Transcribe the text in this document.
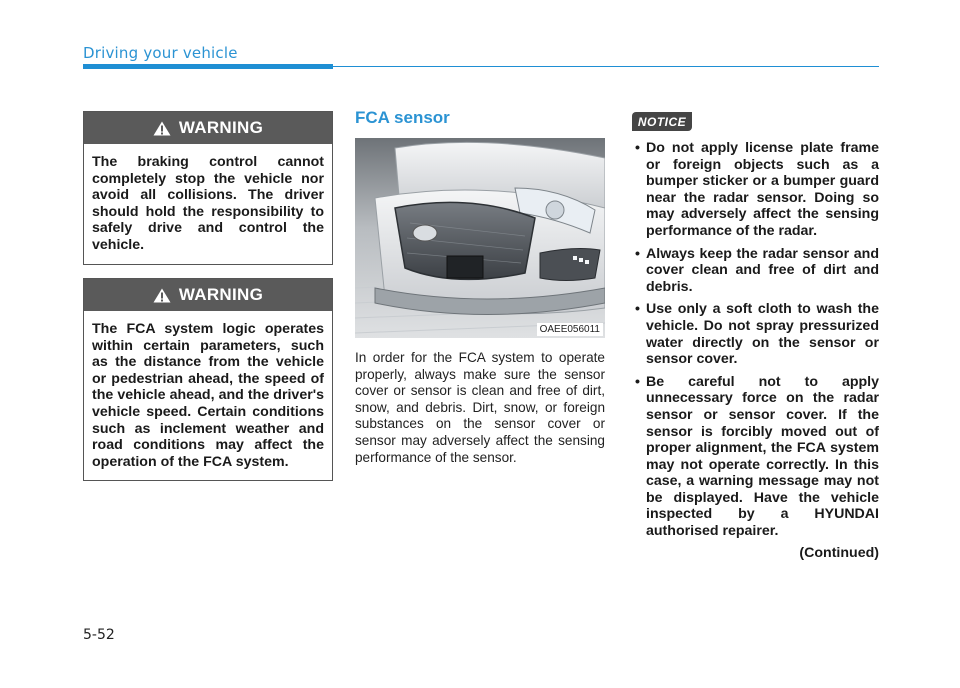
Driving your vehicle
WARNING
The braking control cannot completely stop the vehicle nor avoid all collisions. The driver should hold the responsibility to safely drive and control the vehicle.
WARNING
The FCA system logic operates within certain parameters, such as the distance from the vehicle or pedestrian ahead, the speed of the vehicle ahead, and the driver's vehicle speed. Certain conditions such as inclement weather and road conditions may affect the operation of the FCA system.
FCA sensor
OAEE056011
In order for the FCA system to operate properly, always make sure the sensor cover or sensor is clean and free of dirt, snow, and debris. Dirt, snow, or foreign substances on the sensor cover or sensor may adversely affect the sensing performance of the sensor.
NOTICE
• Do not apply license plate frame or foreign objects such as a bumper sticker or a bumper guard near the radar sensor. Doing so may adversely affect the sensing performance of the radar.
• Always keep the radar sensor and cover clean and free of dirt and debris.
• Use only a soft cloth to wash the vehicle. Do not spray pressurized water directly on the sensor or sensor cover.
• Be careful not to apply unnecessary force on the radar sensor or sensor cover. If the sensor is forcibly moved out of proper alignment, the FCA system may not operate correctly. In this case, a warning message may not be displayed. Have the vehicle inspected by a HYUNDAI authorised repairer.
(Continued)
5-52
